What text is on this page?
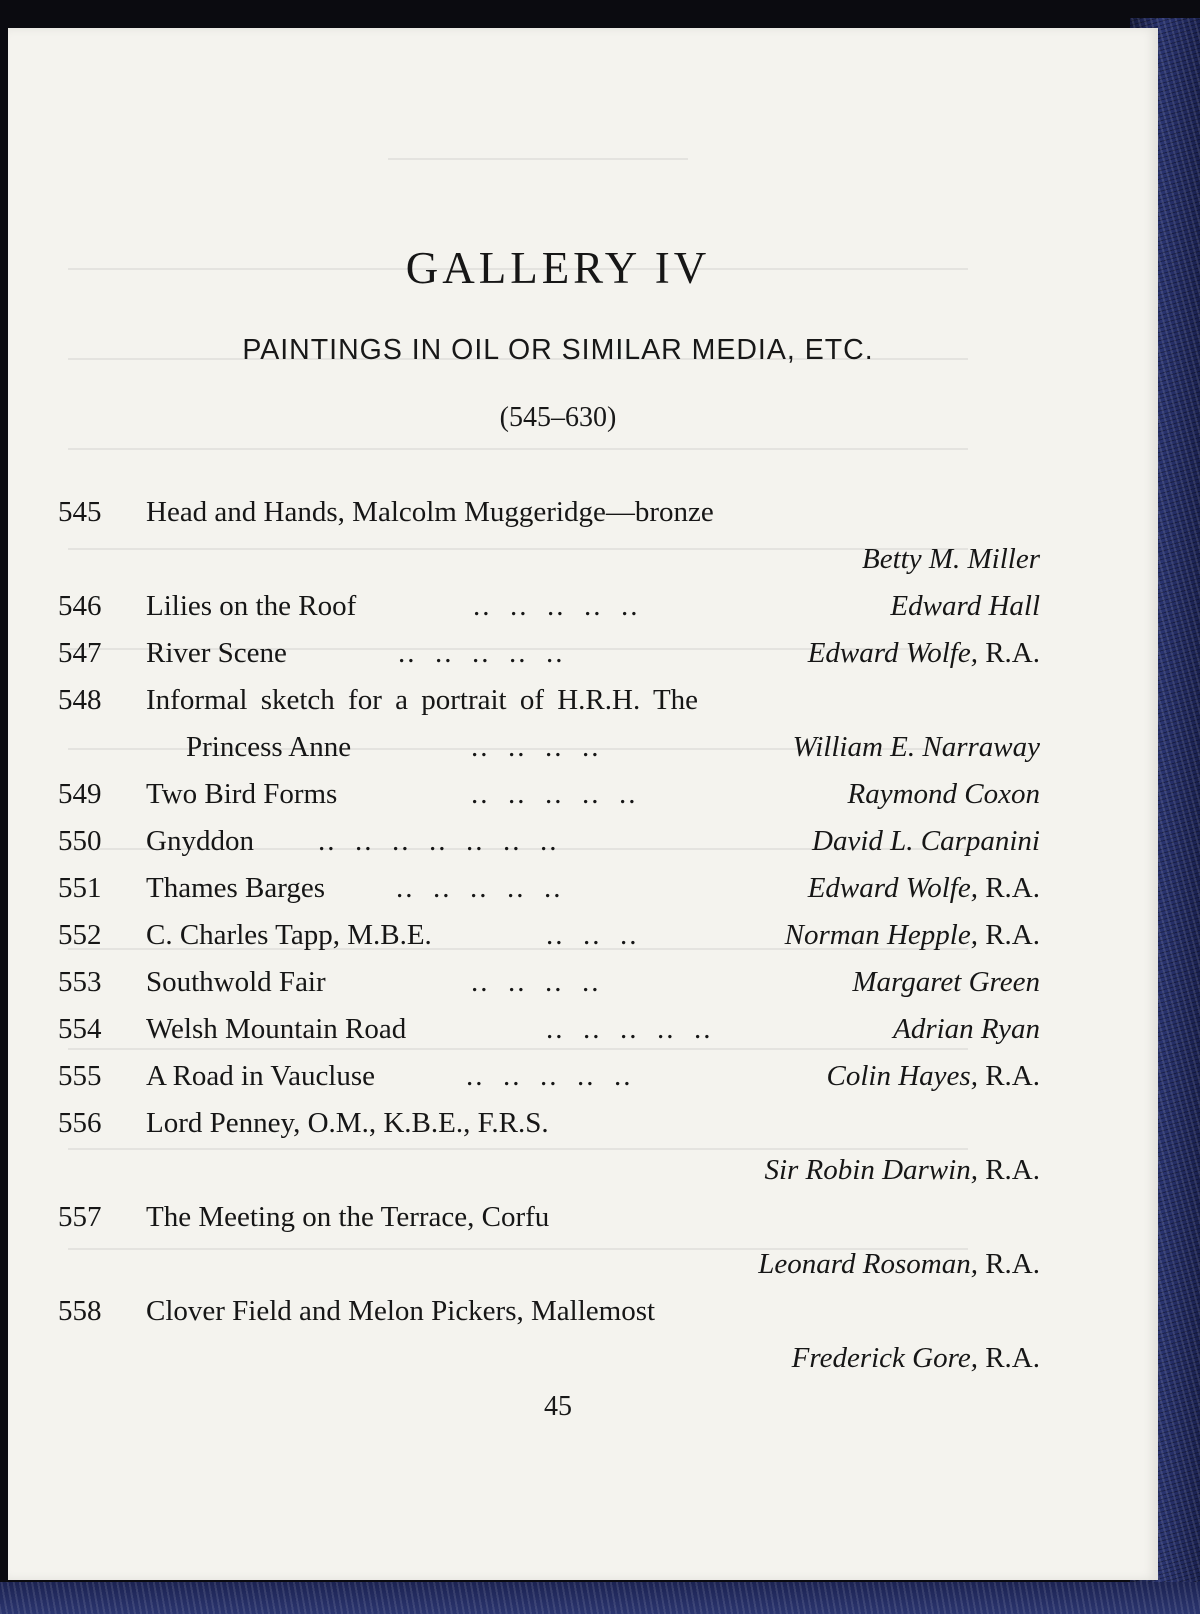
GALLERY IV
PAINTINGS IN OIL OR SIMILAR MEDIA, ETC.
(545–630)
545 Head and Hands, Malcolm Muggeridge—bronze
Betty M. Miller
546 Lilies on the Roof	..  ..  ..  ..  ..	Edward Hall
547 River Scene	..  ..  ..  ..  ..	Edward Wolfe, R.A.
548 Informal sketch for a portrait of H.R.H. The
Princess Anne	..  ..  ..  ..	William E. Narraway
549 Two Bird Forms	..  ..  ..  ..  ..	Raymond Coxon
550 Gnyddon ..  ..  ..  ..  ..  ..  ..	David L. Carpanini
551 Thames Barges ..  ..  ..  ..  ..	Edward Wolfe, R.A.
552 C. Charles Tapp, M.B.E.	..  ..  ..	Norman Hepple, R.A.
553 Southwold Fair	..  ..  ..  ..	Margaret Green
554 Welsh Mountain Road	..  ..  ..  ..  ..	Adrian Ryan
555 A Road in Vaucluse	..  ..  ..  ..  ..	Colin Hayes, R.A.
556 Lord Penney, O.M., K.B.E., F.R.S.
Sir Robin Darwin, R.A.
557 The Meeting on the Terrace, Corfu
Leonard Rosoman, R.A.
558 Clover Field and Melon Pickers, Mallemost
Frederick Gore, R.A.
45
